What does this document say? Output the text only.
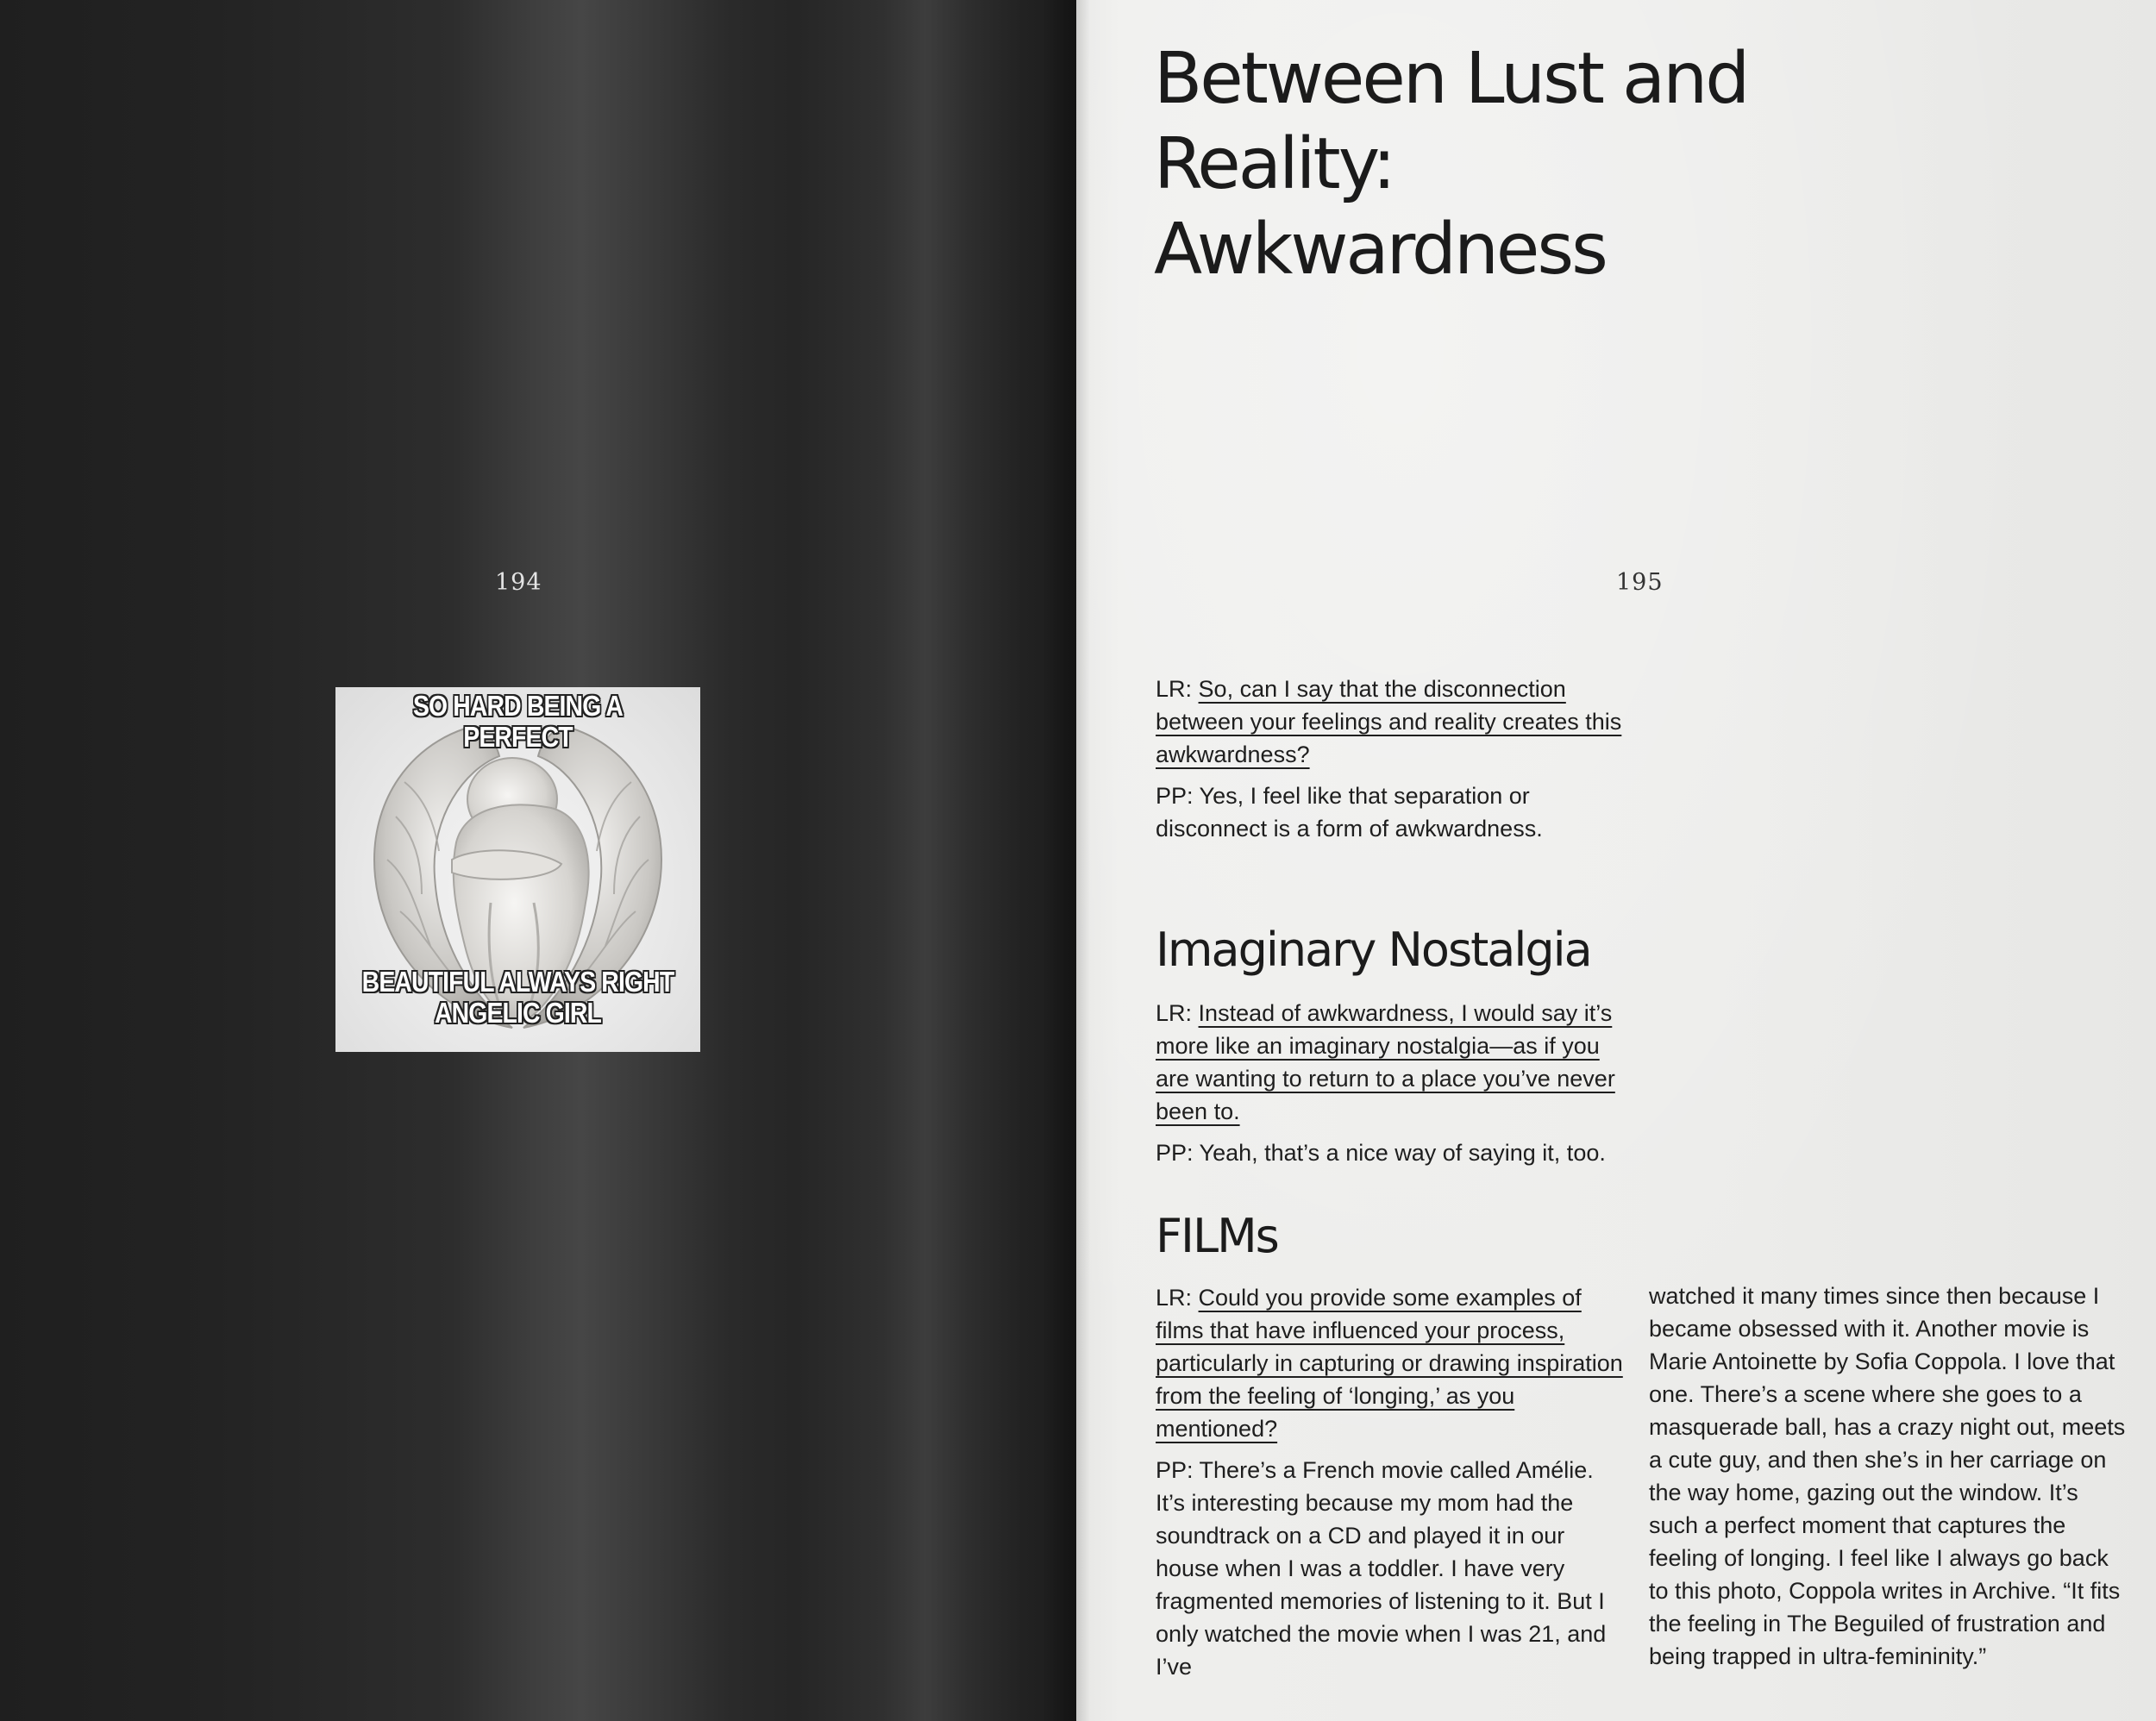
194
SO HARD BEING A PERFECT
BEAUTIFUL ALWAYS RIGHT
ANGELIC GIRL
Between Lust and Reality: Awkwardness
195

LR: So, can I say that the disconnection between your feelings and reality creates this awkwardness?

PP: Yes, I feel like that separation or disconnect is a form of awkwardness.

Imaginary Nostalgia

LR: Instead of awkwardness, I would say it’s more like an imaginary nostalgia—as if you are wanting to return to a place you’ve never been to.

PP: Yeah, that’s a nice way of saying it, too.

FILMs

LR: Could you provide some examples of films that have influenced your process, particularly in capturing or drawing inspiration from the feeling of ‘longing,’ as you mentioned?

PP: There’s a French movie called Amélie. It’s interesting because my mom had the soundtrack on a CD and played it in our house when I was a toddler. I have very fragmented memories of listening to it. But I only watched the movie when I was 21, and I’ve

watched it many times since then because I became obsessed with it. Another movie is Marie Antoinette by Sofia Coppola. I love that one. There’s a scene where she goes to a masquerade ball, has a crazy night out, meets a cute guy, and then she’s in her carriage on the way home, gazing out the window. It’s such a perfect moment that captures the feeling of longing. I feel like I always go back to this photo, Coppola writes in Archive. “It fits the feeling in The Beguiled of frustration and being trapped in ultra-femininity.”
